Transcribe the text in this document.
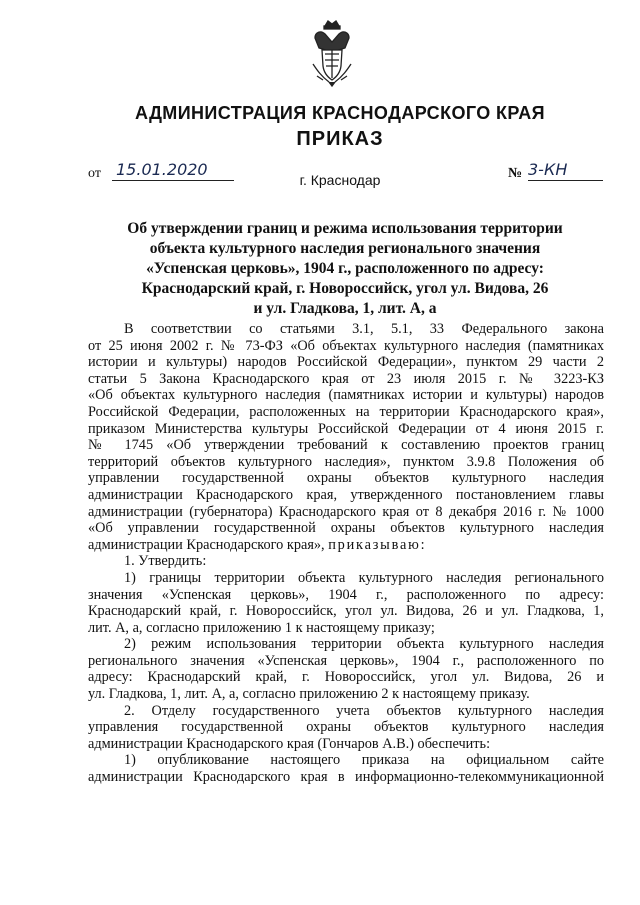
АДМИНИСТРАЦИЯ КРАСНОДАРСКОГО КРАЯ
ПРИКАЗ
от 15.01.2020	№ 3-КН
г. Краснодар
Об утверждении границ и режима использования территории
объекта культурного наследия регионального значения
«Успенская церковь», 1904 г., расположенного по адресу:
Краснодарский край, г. Новороссийск, угол ул. Видова, 26
и ул. Гладкова, 1, лит. А, а

В соответствии со статьями 3.1, 5.1, 33 Федерального закона
от 25 июня 2002 г. № 73-ФЗ «Об объектах культурного наследия (памятниках
истории и культуры) народов Российской Федерации», пунктом 29 части 2
статьи 5 Закона Краснодарского края от 23 июля 2015 г. № 3223-КЗ
«Об объектах культурного наследия (памятниках истории и культуры) народов
Российской Федерации, расположенных на территории Краснодарского края»,
приказом Министерства культуры Российской Федерации от 4 июня 2015 г.
№ 1745 «Об утверждении требований к составлению проектов границ
территорий объектов культурного наследия», пунктом 3.9.8 Положения об
управлении государственной охраны объектов культурного наследия
администрации Краснодарского края, утвержденного постановлением главы
администрации (губернатора) Краснодарского края от 8 декабря 2016 г. № 1000
«Об управлении государственной охраны объектов культурного наследия
администрации Краснодарского края», приказываю:

1. Утвердить:

1) границы территории объекта культурного наследия регионального
значения «Успенская церковь», 1904 г., расположенного по адресу:
Краснодарский край, г. Новороссийск, угол ул. Видова, 26 и ул. Гладкова, 1,
лит. А, а, согласно приложению 1 к настоящему приказу;

2) режим использования территории объекта культурного наследия
регионального значения «Успенская церковь», 1904 г., расположенного по
адресу: Краснодарский край, г. Новороссийск, угол ул. Видова, 26 и
ул. Гладкова, 1, лит. А, а, согласно приложению 2 к настоящему приказу.

2. Отделу государственного учета объектов культурного наследия
управления государственной охраны объектов культурного наследия
администрации Краснодарского края (Гончаров А.В.) обеспечить:

1) опубликование настоящего приказа на официальном сайте
администрации Краснодарского края в информационно-телекоммуникационной
